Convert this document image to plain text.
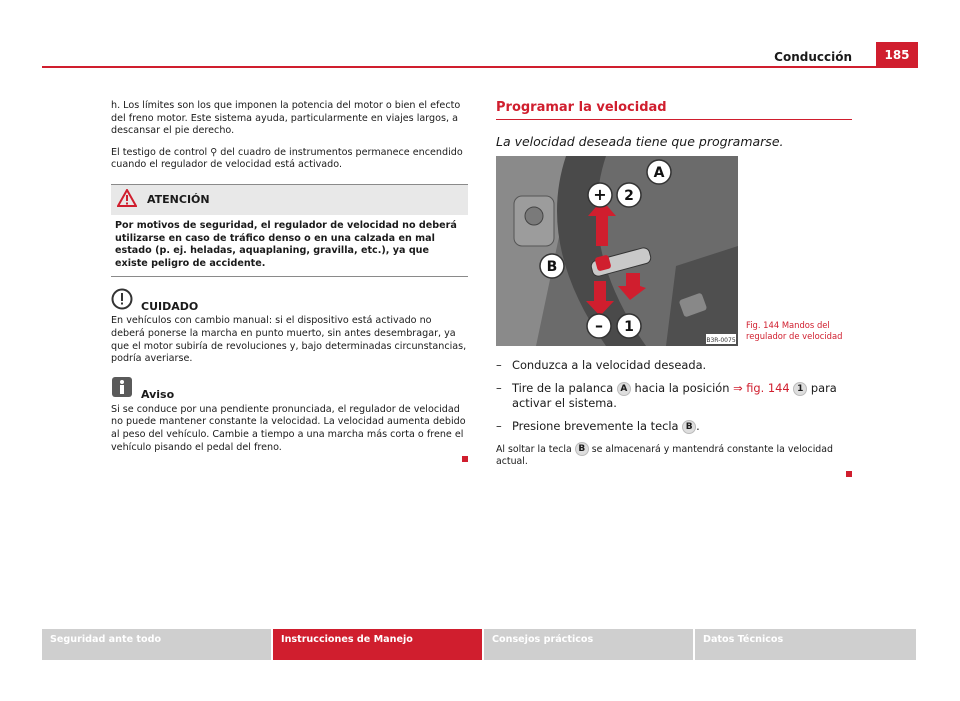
Conducción	185

h. Los límites son los que imponen la potencia del motor o bien el efecto del freno motor. Este sistema ayuda, particularmente en viajes largos, a descansar el pie derecho.

El testigo de control ⚲ del cuadro de instrumentos permanece encendido cuando el regulador de velocidad está activado.

ATENCIÓN
Por motivos de seguridad, el regulador de velocidad no deberá utilizarse en caso de tráfico denso o en una calzada en mal estado (p. ej. heladas, aquaplaning, gravilla, etc.), ya que existe peligro de accidente.
CUIDADO
En vehículos con cambio manual: si el dispositivo está activado no deberá ponerse la marcha en punto muerto, sin antes desembragar, ya que el motor subiría de revoluciones y, bajo determinadas circunstancias, podría averiarse.
Aviso
Si se conduce por una pendiente pronunciada, el regulador de velocidad no puede mantener constante la velocidad. La velocidad aumenta debido al peso del vehículo. Cambie a tiempo a una marcha más corta o frene el vehículo pisando el pedal del freno.
Programar la velocidad
La velocidad deseada tiene que programarse.
+ 2
A
B
– 1
B3R-0075
Fig. 144 Mandos del regulador de velocidad
– Conduzca a la velocidad deseada.
– Tire de la palanca A hacia la posición ⇒ fig. 144 1 para activar el sistema.
– Presione brevemente la tecla B .
Al soltar la tecla B se almacenará y mantendrá constante la velocidad actual.
Seguridad ante todo	Instrucciones de Manejo	Consejos prácticos	Datos Técnicos
